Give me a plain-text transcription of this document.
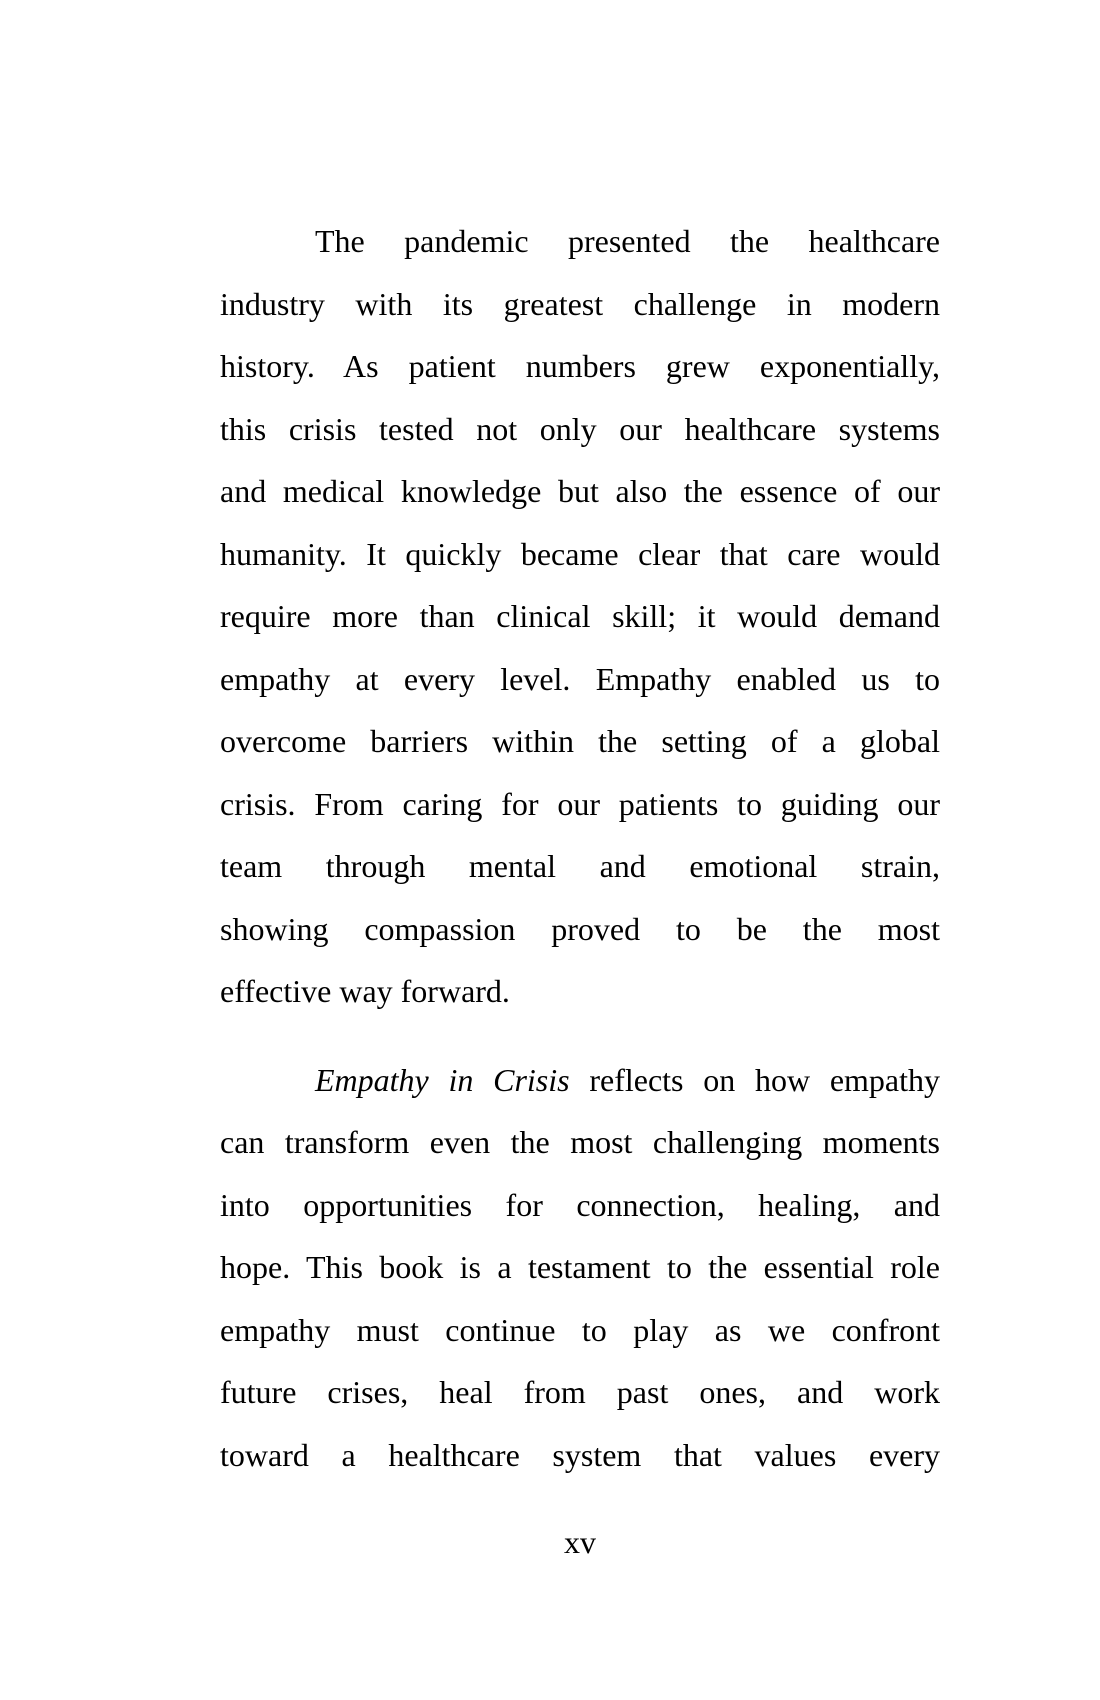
The pandemic presented the healthcare
industry with its greatest challenge in modern
history. As patient numbers grew exponentially,
this crisis tested not only our healthcare systems
and medical knowledge but also the essence of our
humanity. It quickly became clear that care would
require more than clinical skill; it would demand
empathy at every level. Empathy enabled us to
overcome barriers within the setting of a global
crisis. From caring for our patients to guiding our
team through mental and emotional strain,
showing compassion proved to be the most
effective way forward.
Empathy in Crisis reflects on how empathy
can transform even the most challenging moments
into opportunities for connection, healing, and
hope. This book is a testament to the essential role
empathy must continue to play as we confront
future crises, heal from past ones, and work
toward a healthcare system that values every
xv
